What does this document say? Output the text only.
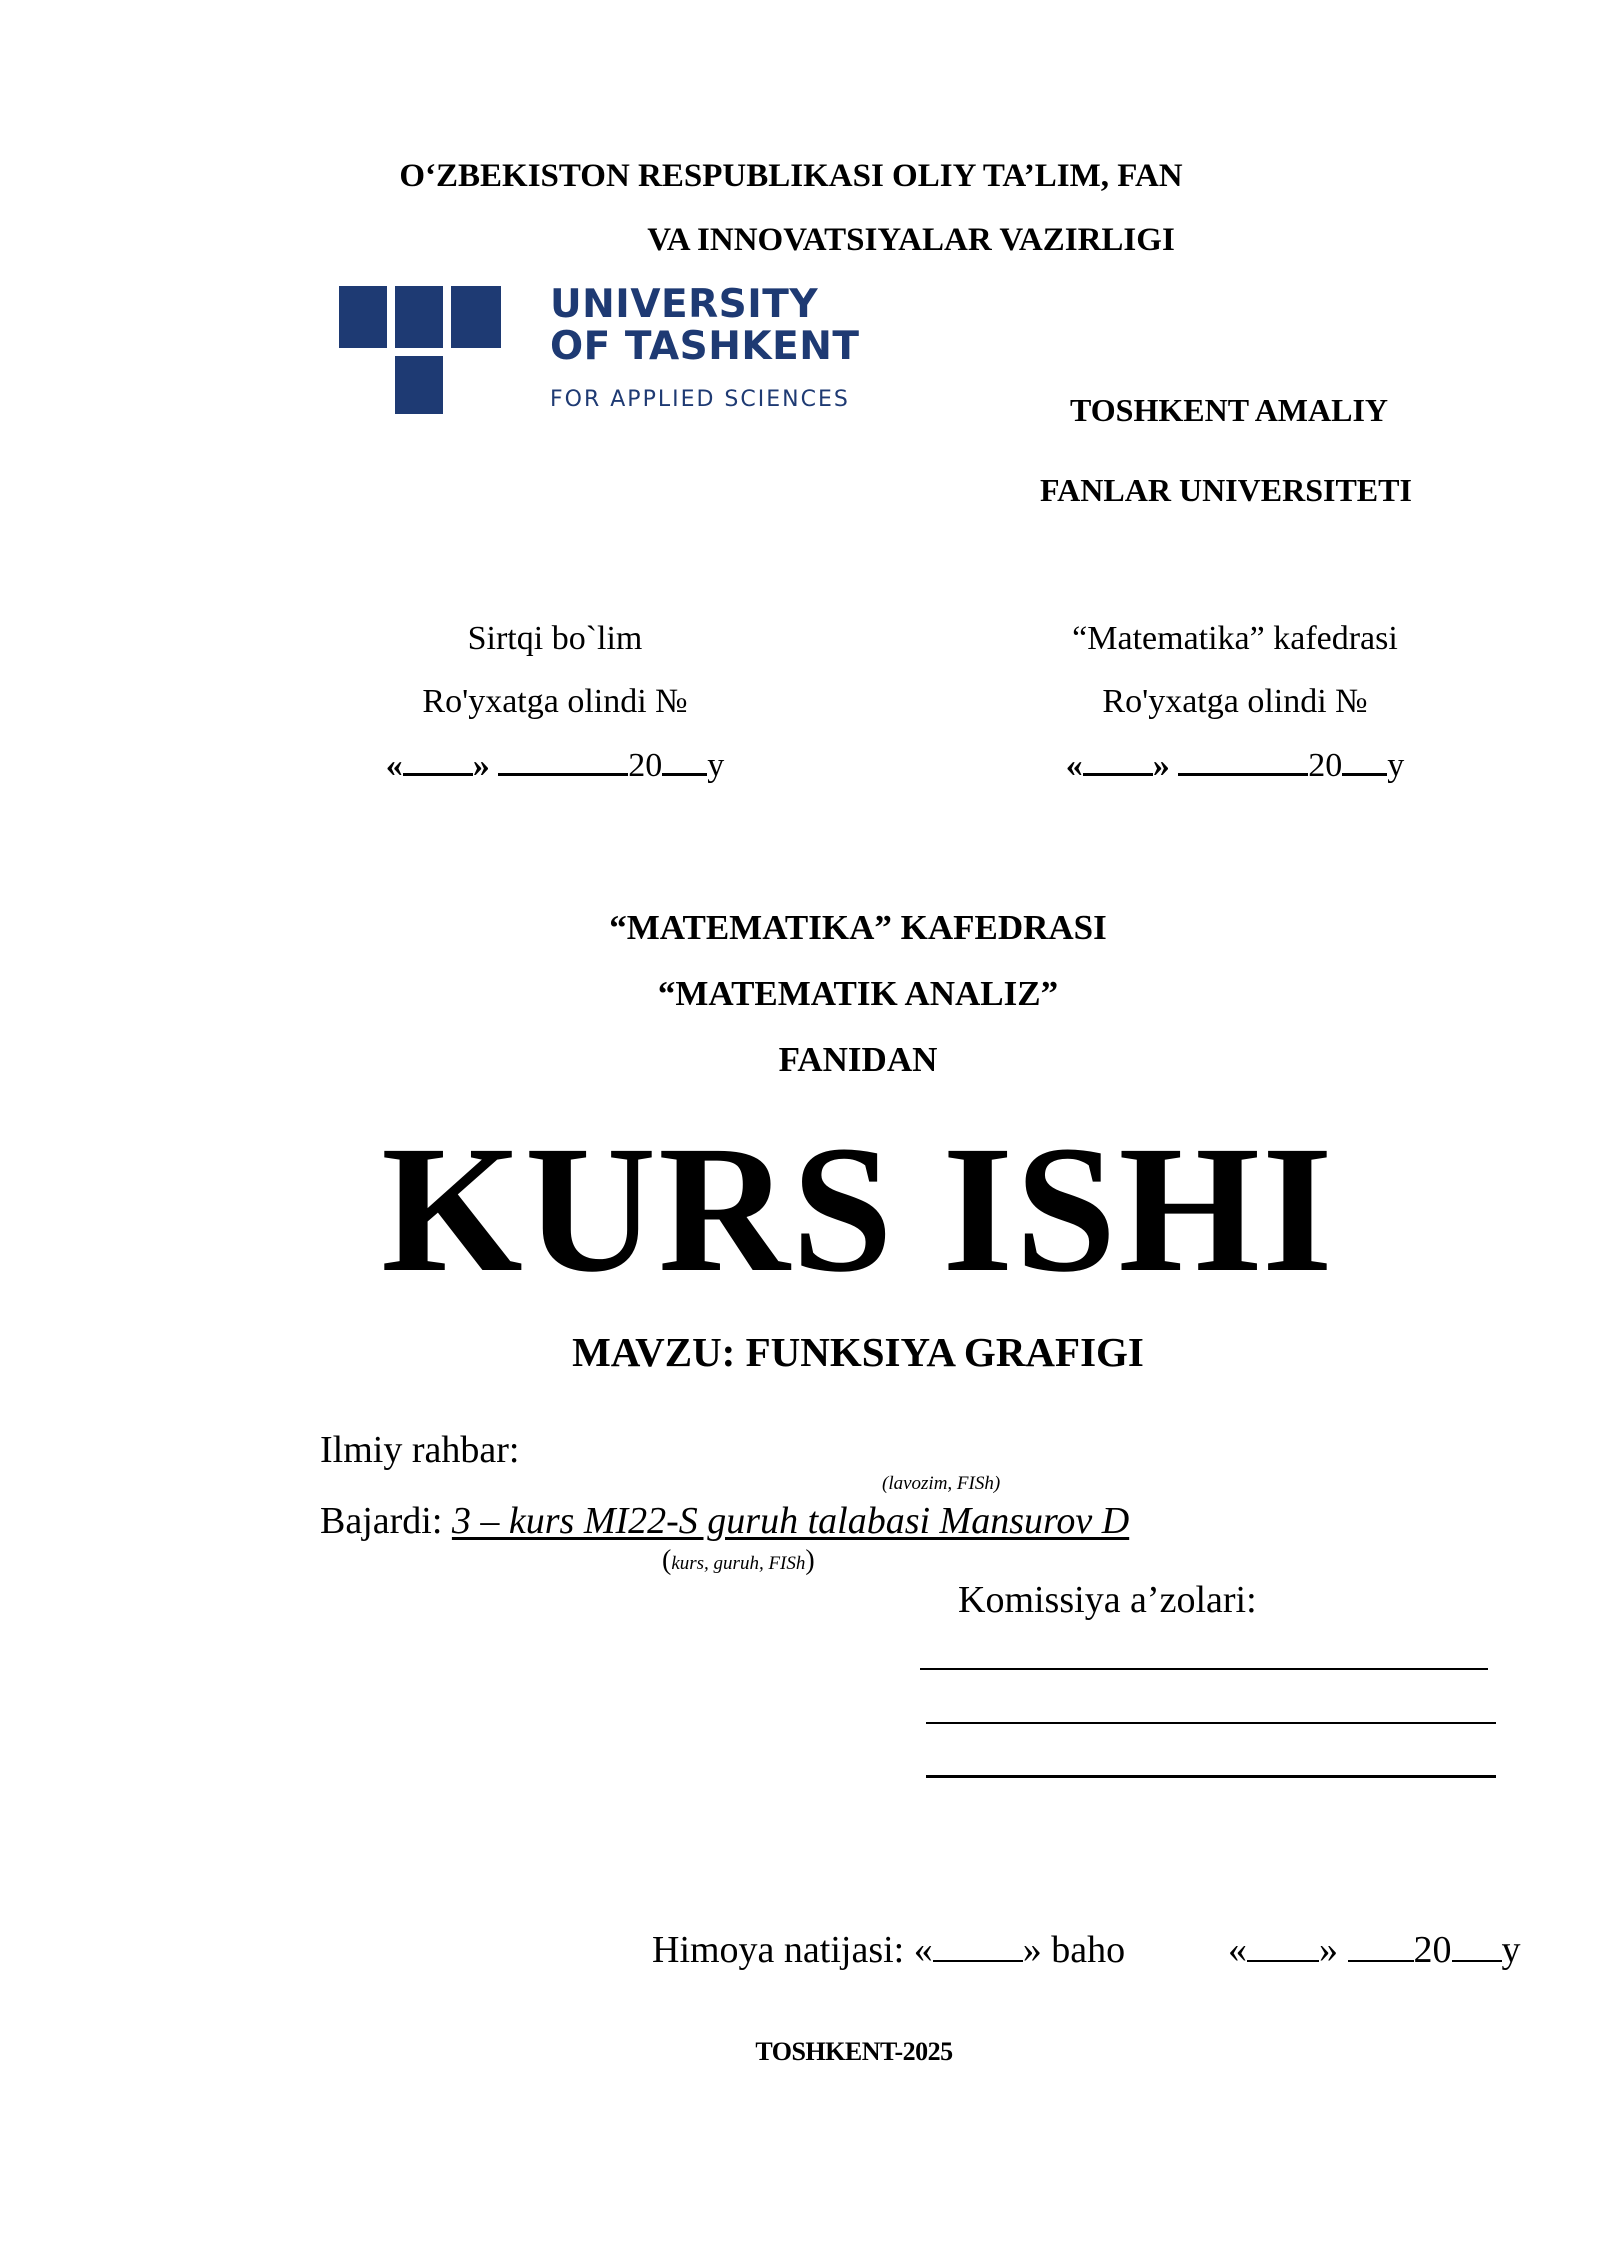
O‘ZBEKISTON RESPUBLIKASI OLIY TA’LIM, FAN
VA INNOVATSIYALAR VAZIRLIGI
UNIVERSITY
OF TASHKENT
FOR APPLIED SCIENCES	TOSHKENT AMALIY
FANLAR UNIVERSITETI
Sirtqi bo`lim
Ro'yxatga olindi №
« »	20 y
“Matematika” kafedrasi
Ro'yxatga olindi №
« »	20 y
“MATEMATIKA” KAFEDRASI
“MATEMATIK ANALIZ”
FANIDAN
KURS ISHI
MAVZU: FUNKSIYA GRAFIGI
Ilmiy rahbar:
(lavozim, FISh)
Bajardi: 3 – kurs MI22-S guruh talabasi Mansurov D
(kurs, guruh, FISh)
Komissiya a’zolari:
Himoya natijasi: « » baho	« » 20 y
TOSHKENT-2025
